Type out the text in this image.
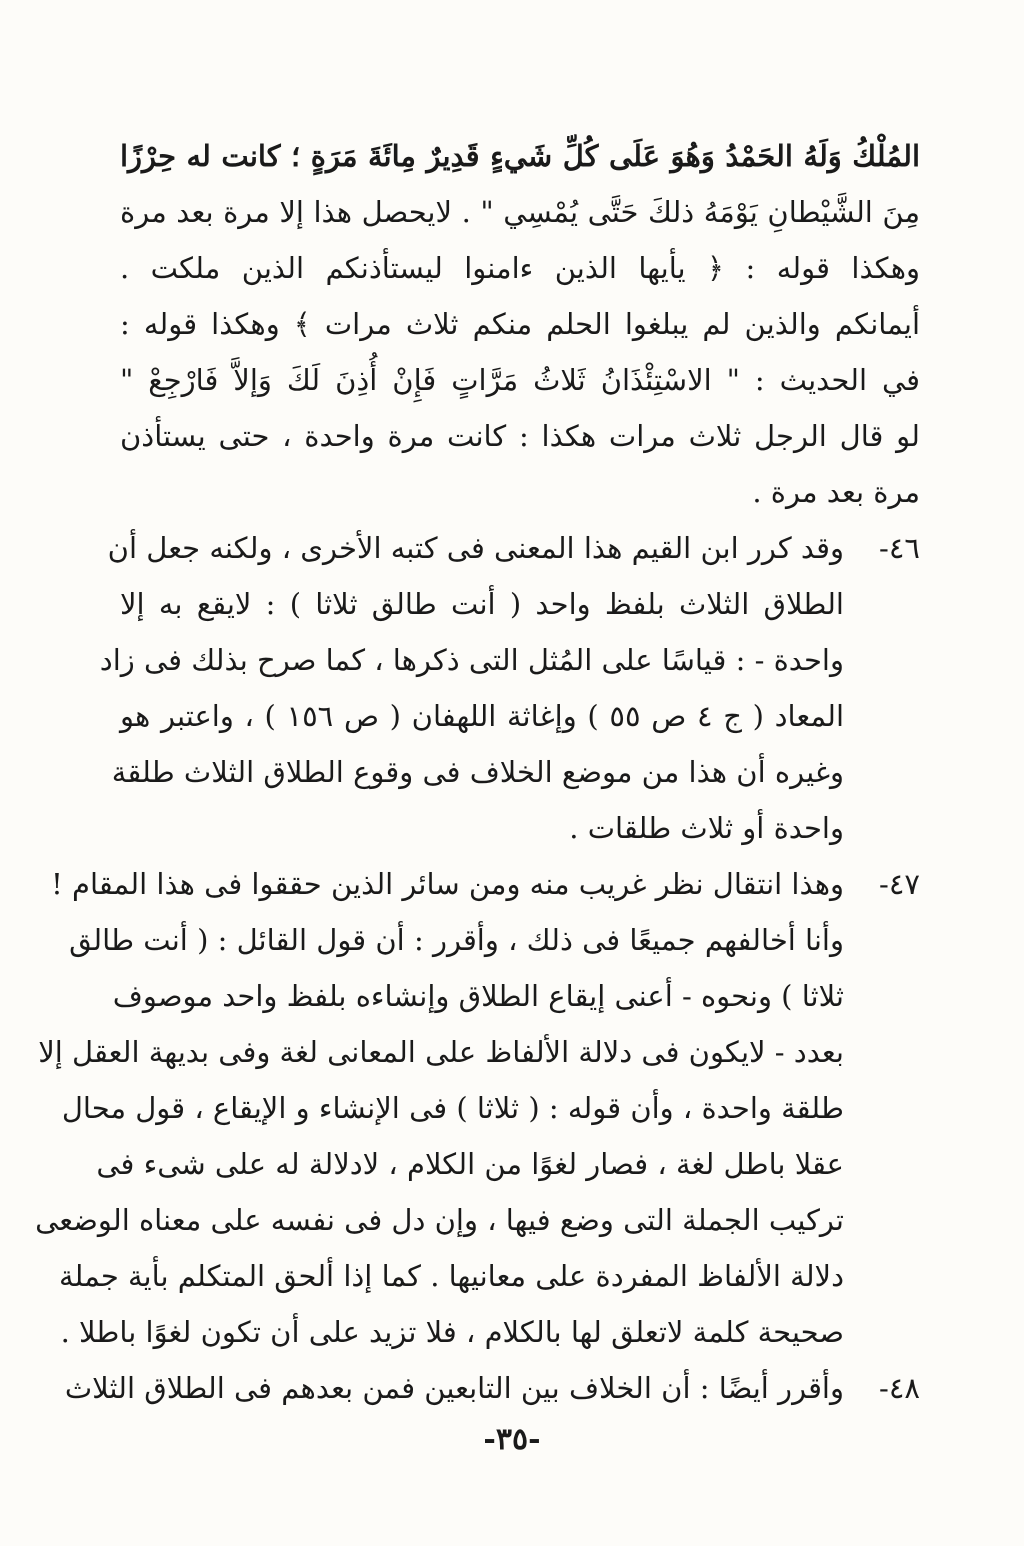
المُلْكُ وَلَهُ الحَمْدُ وَهُوَ عَلَى كُلِّ شَيءٍ قَدِيرٌ مِائَةَ مَرَةٍ ؛ كانت له حِرْزًا
مِنَ الشَّيْطانِ يَوْمَهُ ذلكَ حَتَّى يُمْسِي " . لايحصل هذا إلا مرة بعد مرة
وهكذا قوله : ﴿ يأيها الذين ءامنوا ليستأذنكم الذين ملكت .
أيمانكم والذين لم يبلغوا الحلم منكم ثلاث مرات ﴾ وهكذا قوله :
في الحديث : " الاسْتِئْذَانُ ثَلاثُ مَرَّاتٍ فَإِنْ أُذِنَ لَكَ وَإلاَّ فَارْجِعْ "
لو قال الرجل ثلاث مرات هكذا : كانت مرة واحدة ، حتى يستأذن
مرة بعد مرة .
٤٦-
وقد كرر ابن القيم هذا المعنى فى كتبه الأخرى ، ولكنه جعل أن
الطلاق الثلاث بلفظ واحد ( أنت طالق ثلاثا ) : لايقع به إلا
واحدة - : قياسًا على المُثل التى ذكرها ، كما صرح بذلك فى زاد
المعاد ( ج ٤ ص ٥٥ ) وإغاثة اللهفان ( ص ١٥٦ ) ، واعتبر هو
وغيره أن هذا من موضع الخلاف فى وقوع الطلاق الثلاث طلقة
واحدة أو ثلاث طلقات .
٤٧-
وهذا انتقال نظر غريب منه ومن سائر الذين حققوا فى هذا المقام !
وأنا أخالفهم جميعًا فى ذلك ، وأقرر : أن قول القائل : ( أنت طالق
ثلاثا ) ونحوه - أعنى إيقاع الطلاق وإنشاءه بلفظ واحد موصوف
بعدد - لايكون فى دلالة الألفاظ على المعانى لغة وفى بديهة العقل إلا
طلقة واحدة ، وأن قوله : ( ثلاثا ) فى الإنشاء و الإيقاع ، قول محال
عقلا باطل لغة ، فصار لغوًا من الكلام ، لادلالة له على شىء فى
تركيب الجملة التى وضع فيها ، وإن دل فى نفسه على معناه الوضعى
دلالة الألفاظ المفردة على معانيها . كما إذا ألحق المتكلم بأية جملة
صحيحة كلمة لاتعلق لها بالكلام ، فلا تزيد على أن تكون لغوًا باطلا .
٤٨-
وأقرر أيضًا : أن الخلاف بين التابعين فمن بعدهم فى الطلاق الثلاث
-٣٥-
